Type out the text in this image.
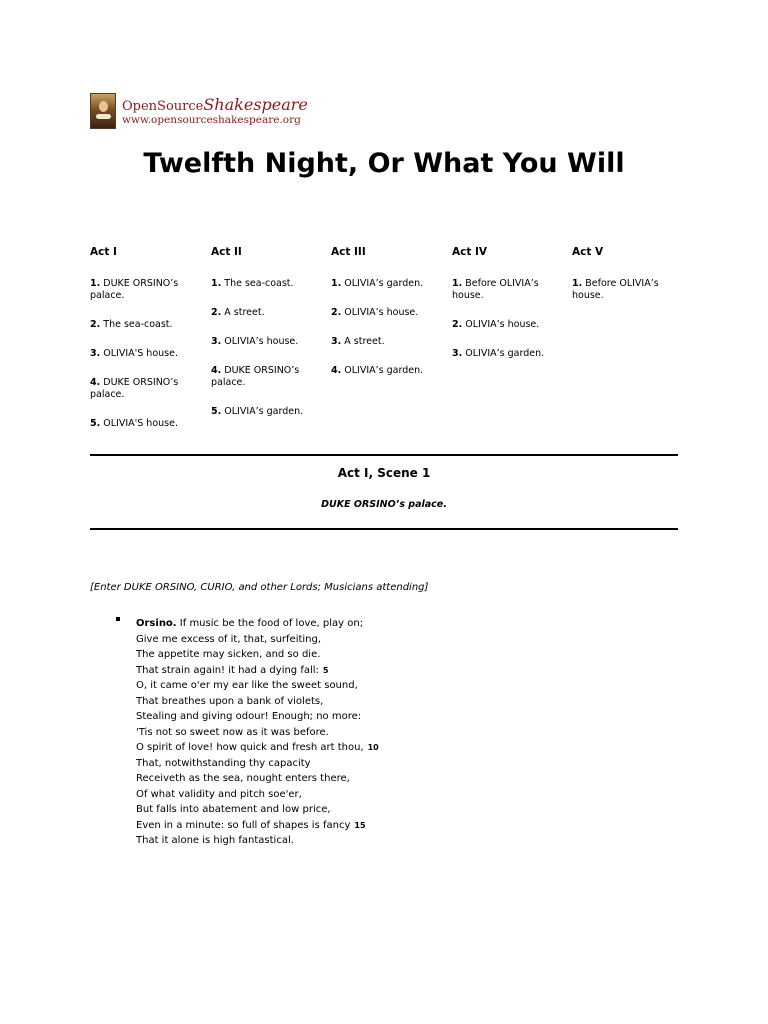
OpenSourceShakespeare
www.opensourceshakespeare.org
Twelfth Night, Or What You Will
Act I
1. DUKE ORSINO’s palace.
2. The sea-coast.
3. OLIVIA'S house.
4. DUKE ORSINO’s palace.
5. OLIVIA'S house.
Act II
1. The sea-coast.
2. A street.
3. OLIVIA’s house.
4. DUKE ORSINO’s palace.
5. OLIVIA’s garden.
Act III
1. OLIVIA’s garden.
2. OLIVIA’s house.
3. A street.
4. OLIVIA’s garden.
Act IV
1. Before OLIVIA’s house.
2. OLIVIA’s house.
3. OLIVIA’s garden.
Act V
1. Before OLIVIA’s house.
Act I, Scene 1
DUKE ORSINO’s palace.
[Enter DUKE ORSINO, CURIO, and other Lords; Musicians attending]
Orsino. If music be the food of love, play on;
Give me excess of it, that, surfeiting,
The appetite may sicken, and so die.
That strain again! it had a dying fall: 5
O, it came o'er my ear like the sweet sound,
That breathes upon a bank of violets,
Stealing and giving odour! Enough; no more:
'Tis not so sweet now as it was before.
O spirit of love! how quick and fresh art thou, 10
That, notwithstanding thy capacity
Receiveth as the sea, nought enters there,
Of what validity and pitch soe'er,
But falls into abatement and low price,
Even in a minute: so full of shapes is fancy 15
That it alone is high fantastical.
